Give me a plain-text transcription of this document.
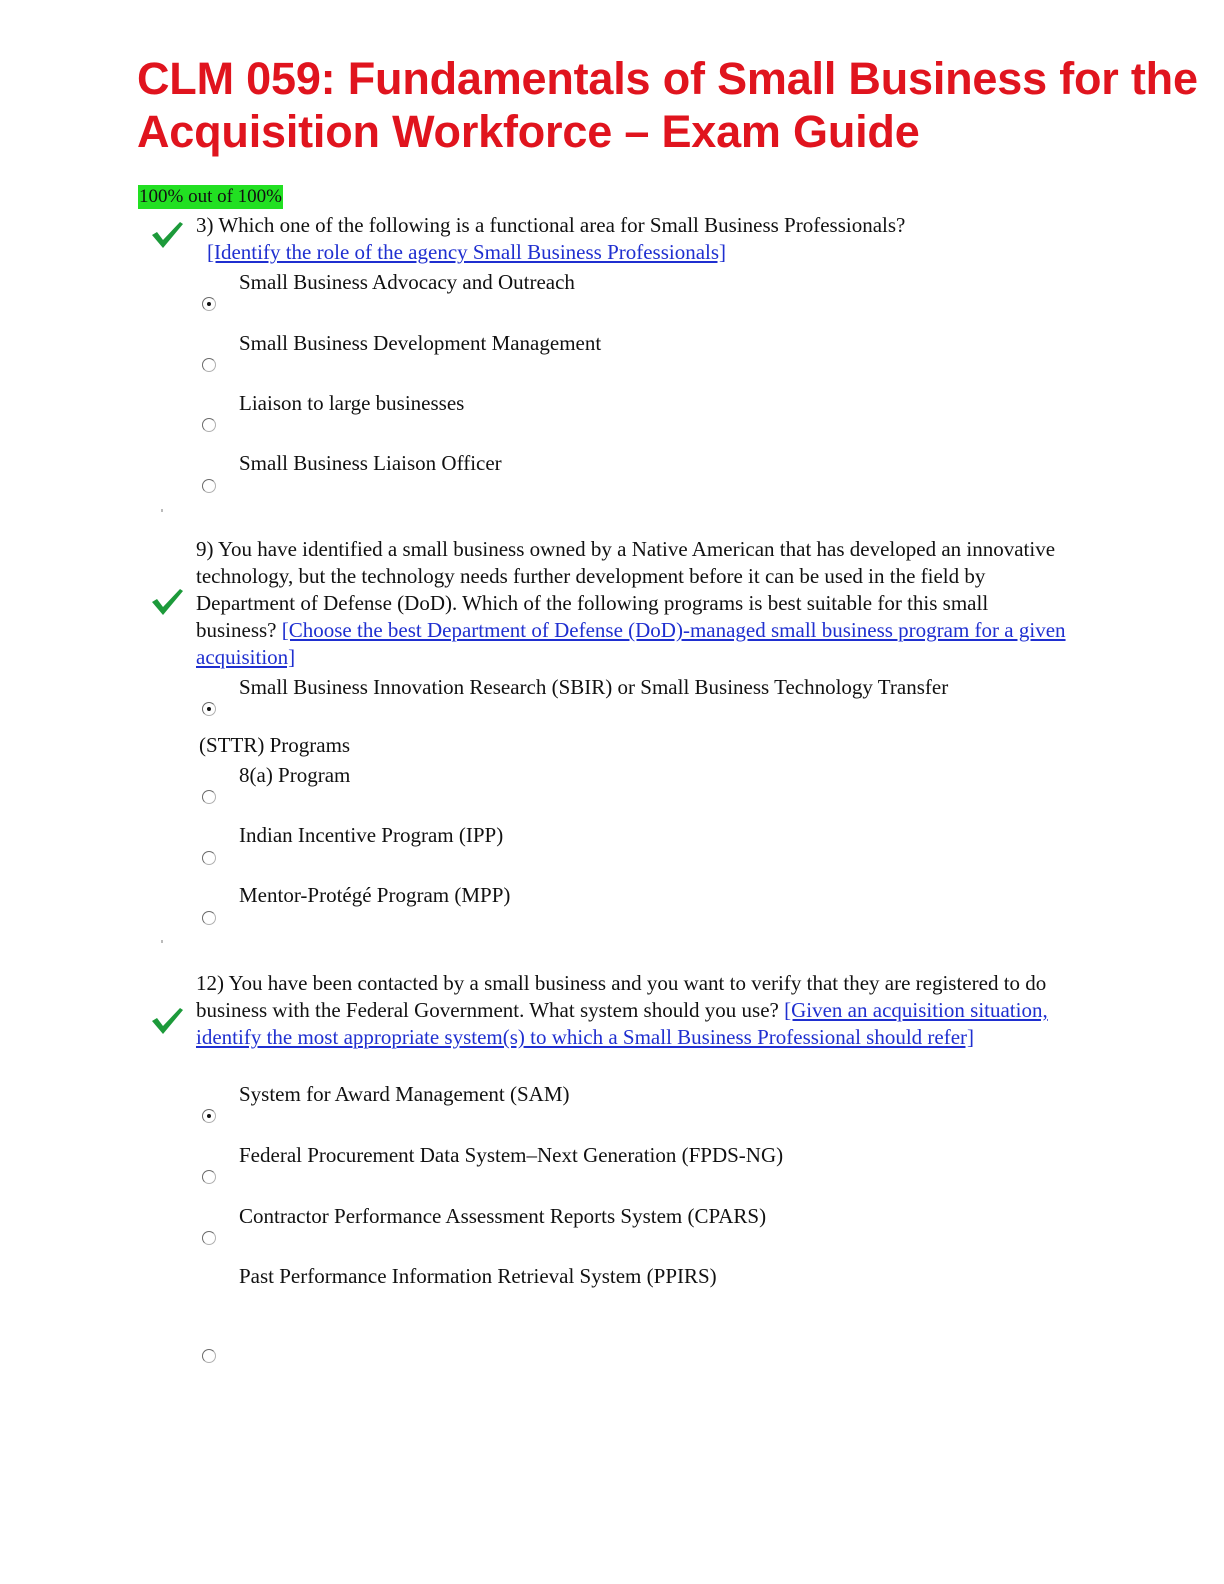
CLM 059: Fundamentals of Small Business for the Acquisition Workforce – Exam Guide
100% out of 100%
3) Which one of the following is a functional area for Small Business Professionals?
[Identify the role of the agency Small Business Professionals]
Small Business Advocacy and Outreach
Small Business Development Management
Liaison to large businesses
Small Business Liaison Officer
9) You have identified a small business owned by a Native American that has developed an innovative technology, but the technology needs further development before it can be used in the field by Department of Defense (DoD). Which of the following programs is best suitable for this small business? [Choose the best Department of Defense (DoD)-managed small business program for a given acquisition]
Small Business Innovation Research (SBIR) or Small Business Technology Transfer
(STTR) Programs
8(a) Program
Indian Incentive Program (IPP)
Mentor-Protégé Program (MPP)
12) You have been contacted by a small business and you want to verify that they are registered to do business with the Federal Government. What system should you use? [Given an acquisition situation, identify the most appropriate system(s) to which a Small Business Professional should refer]
System for Award Management (SAM)
Federal Procurement Data System–Next Generation (FPDS-NG)
Contractor Performance Assessment Reports System (CPARS)
Past Performance Information Retrieval System (PPIRS)
